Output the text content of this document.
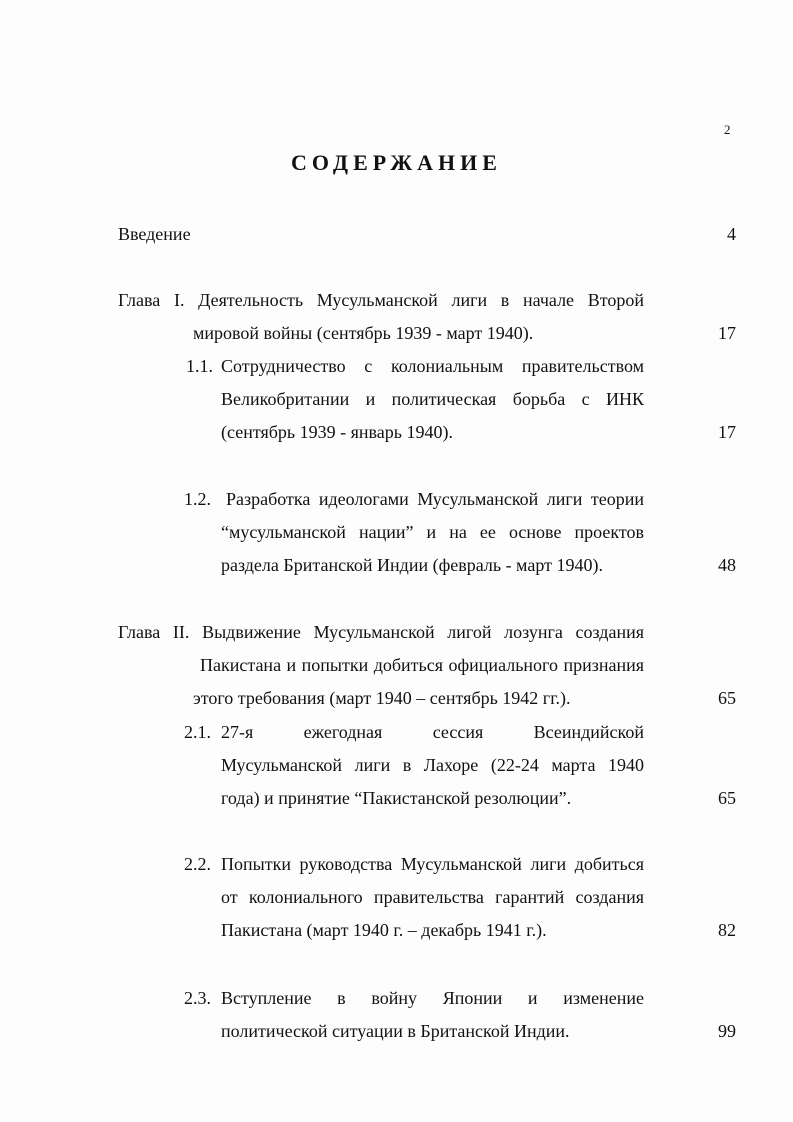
2
СОДЕРЖАНИЕ
Введение	4
Глава I. Деятельность Мусульманской лиги в начале Второй
мировой войны (сентябрь 1939 - март 1940).	17
1.1. Сотрудничество с колониальным правительством
Великобритании и политическая борьба с ИНК
(сентябрь 1939 - январь 1940).	17
1.2. Разработка идеологами Мусульманской лиги теории
“мусульманской нации” и на ее основе проектов
раздела Британской Индии (февраль - март 1940).	48
Глава II. Выдвижение Мусульманской лигой лозунга создания
Пакистана и попытки добиться официального признания
этого требования (март 1940 – сентябрь 1942 гг.).	65
2.1. 27-я ежегодная сессия Всеиндийской
Мусульманской лиги в Лахоре (22-24 марта 1940
года) и принятие “Пакистанской резолюции”.	65
2.2. Попытки руководства Мусульманской лиги добиться
от колониального правительства гарантий создания
Пакистана (март 1940 г. – декабрь 1941 г.).	82
2.3. Вступление в войну Японии и изменение
политической ситуации в Британской Индии.	99
